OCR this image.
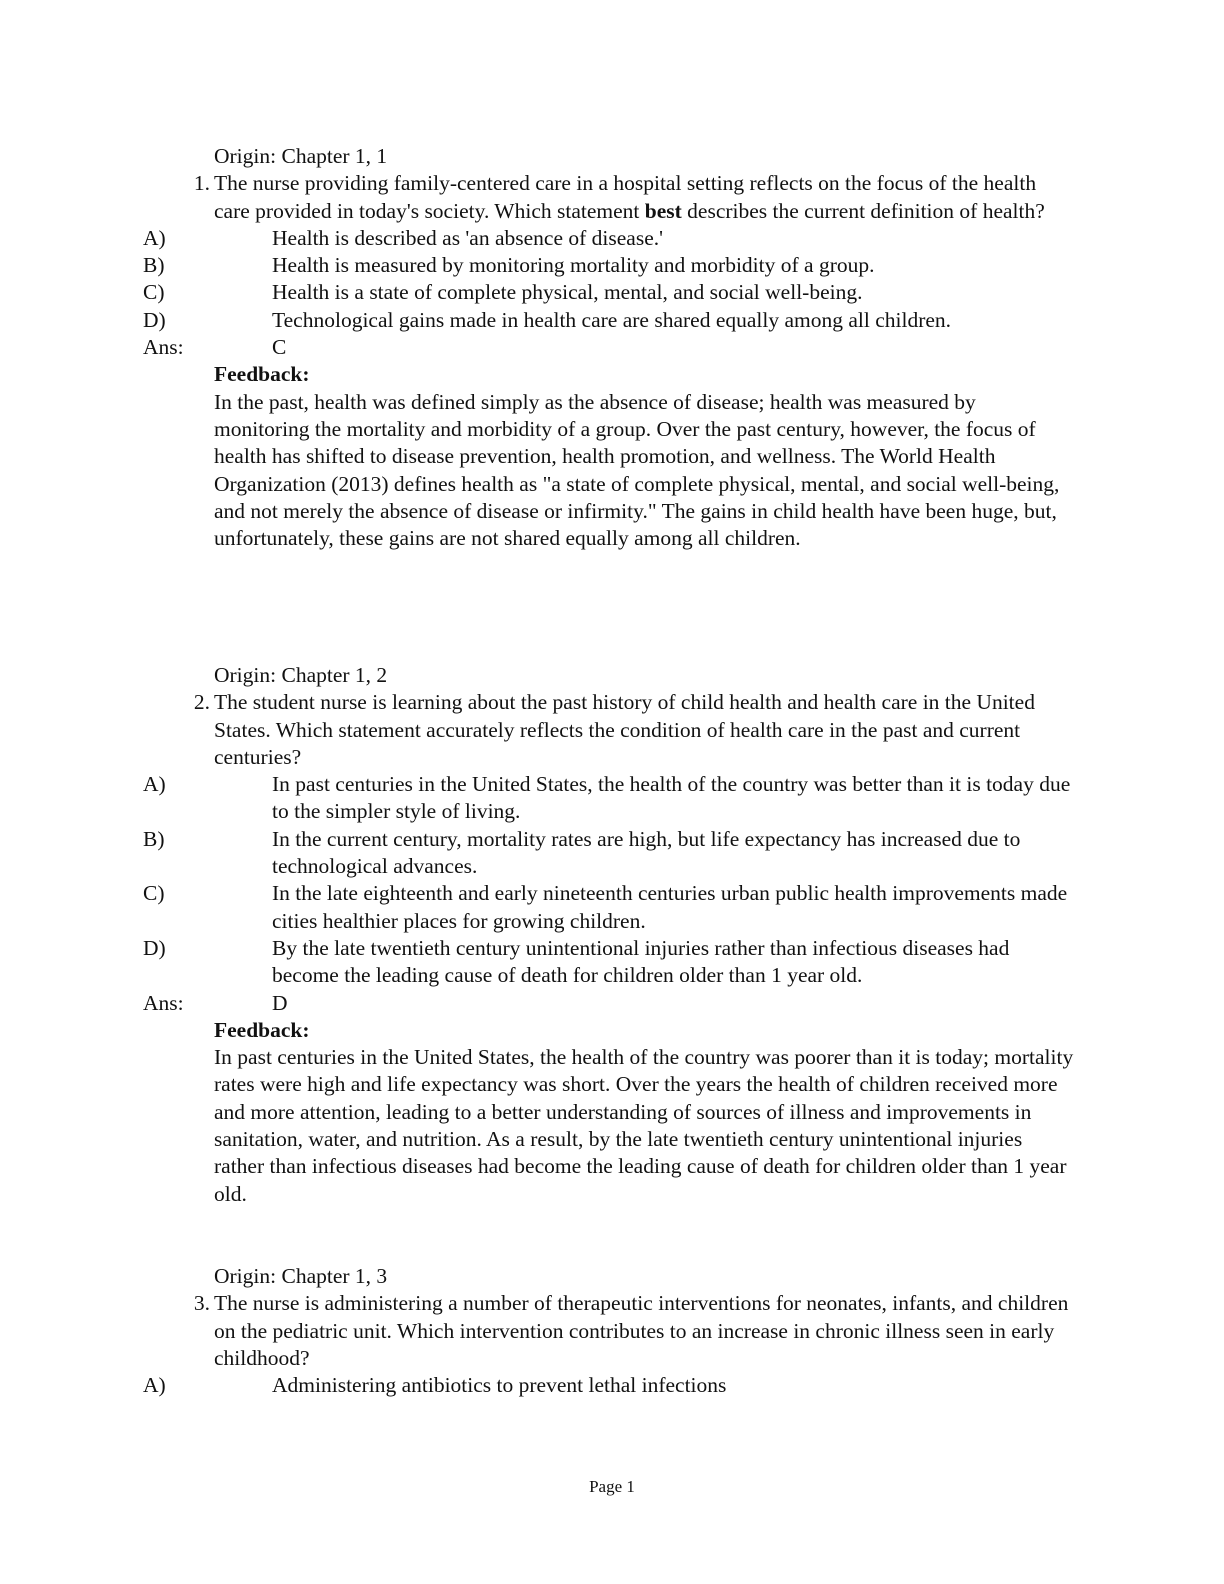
Origin: Chapter 1, 1
1. The nurse providing family-centered care in a hospital setting reflects on the focus of the health care provided in today's society. Which statement best describes the current definition of health?
A)	Health is described as 'an absence of disease.'
B)	Health is measured by monitoring mortality and morbidity of a group.
C)	Health is a state of complete physical, mental, and social well-being.
D)	Technological gains made in health care are shared equally among all children.
Ans:	C
Feedback:
In the past, health was defined simply as the absence of disease; health was measured by monitoring the mortality and morbidity of a group. Over the past century, however, the focus of health has shifted to disease prevention, health promotion, and wellness. The World Health Organization (2013) defines health as "a state of complete physical, mental, and social well-being, and not merely the absence of disease or infirmity." The gains in child health have been huge, but, unfortunately, these gains are not shared equally among all children.
Origin: Chapter 1, 2
2. The student nurse is learning about the past history of child health and health care in the United States. Which statement accurately reflects the condition of health care in the past and current centuries?
A)	In past centuries in the United States, the health of the country was better than it is today due to the simpler style of living.
B)	In the current century, mortality rates are high, but life expectancy has increased due to technological advances.
C)	In the late eighteenth and early nineteenth centuries urban public health improvements made cities healthier places for growing children.
D)	By the late twentieth century unintentional injuries rather than infectious diseases had become the leading cause of death for children older than 1 year old.
Ans:	D
Feedback:
In past centuries in the United States, the health of the country was poorer than it is today; mortality rates were high and life expectancy was short. Over the years the health of children received more and more attention, leading to a better understanding of sources of illness and improvements in sanitation, water, and nutrition. As a result, by the late twentieth century unintentional injuries rather than infectious diseases had become the leading cause of death for children older than 1 year old.
Origin: Chapter 1, 3
3. The nurse is administering a number of therapeutic interventions for neonates, infants, and children on the pediatric unit. Which intervention contributes to an increase in chronic illness seen in early childhood?
A)	Administering antibiotics to prevent lethal infections
Page 1
